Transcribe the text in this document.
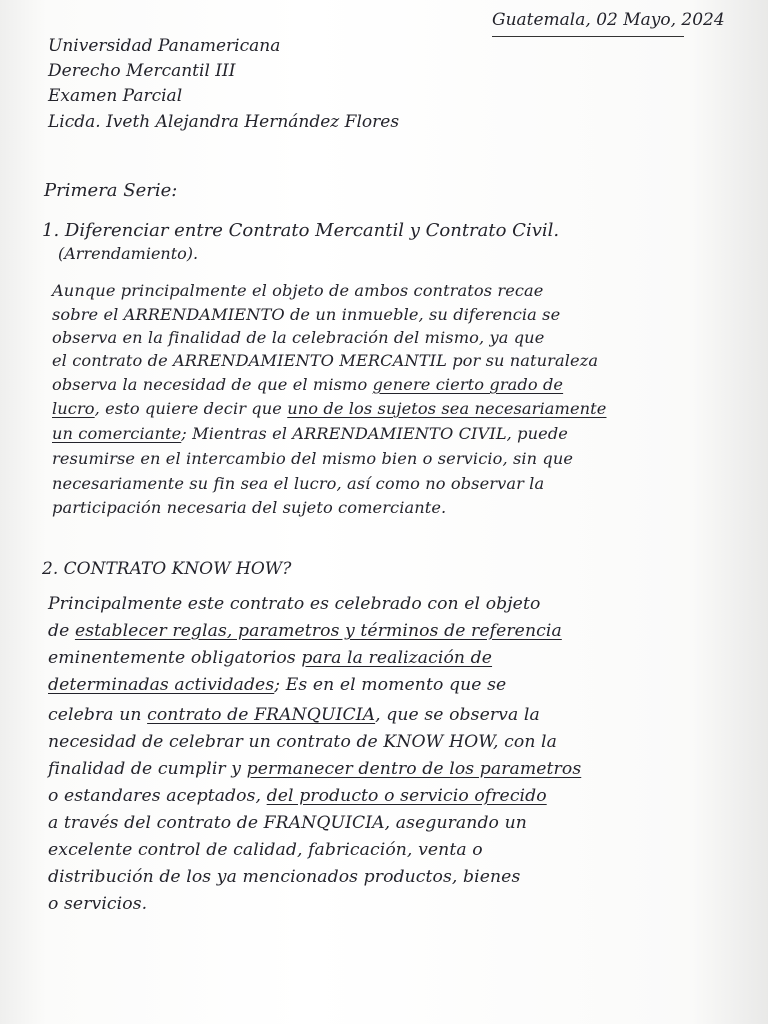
Guatemala, 02 Mayo, 2024
Universidad Panamericana
Derecho Mercantil III
Examen Parcial
Licda. Iveth Alejandra Hernández Flores
Primera Serie:
1. Diferenciar entre Contrato Mercantil y Contrato Civil.
(Arrendamiento).
Aunque principalmente el objeto de ambos contratos recae
sobre el ARRENDAMIENTO de un inmueble, su diferencia se
observa en la finalidad de la celebración del mismo, ya que
el contrato de ARRENDAMIENTO MERCANTIL por su naturaleza
observa la necesidad de que el mismo genere cierto grado de
lucro, esto quiere decir que uno de los sujetos sea necesariamente
un comerciante; Mientras el ARRENDAMIENTO CIVIL, puede
resumirse en el intercambio del mismo bien o servicio, sin que
necesariamente su fin sea el lucro, así como no observar la
participación necesaria del sujeto comerciante.
2. CONTRATO KNOW HOW?
Principalmente este contrato es celebrado con el objeto
de establecer reglas, parametros y términos de referencia
eminentemente obligatorios para la realización de
determinadas actividades; Es en el momento que se
celebra un contrato de FRANQUICIA, que se observa la
necesidad de celebrar un contrato de KNOW HOW, con la
finalidad de cumplir y permanecer dentro de los parametros
o estandares aceptados, del producto o servicio ofrecido
a través del contrato de FRANQUICIA, asegurando un
excelente control de calidad, fabricación, venta o
distribución de los ya mencionados productos, bienes
o servicios.
